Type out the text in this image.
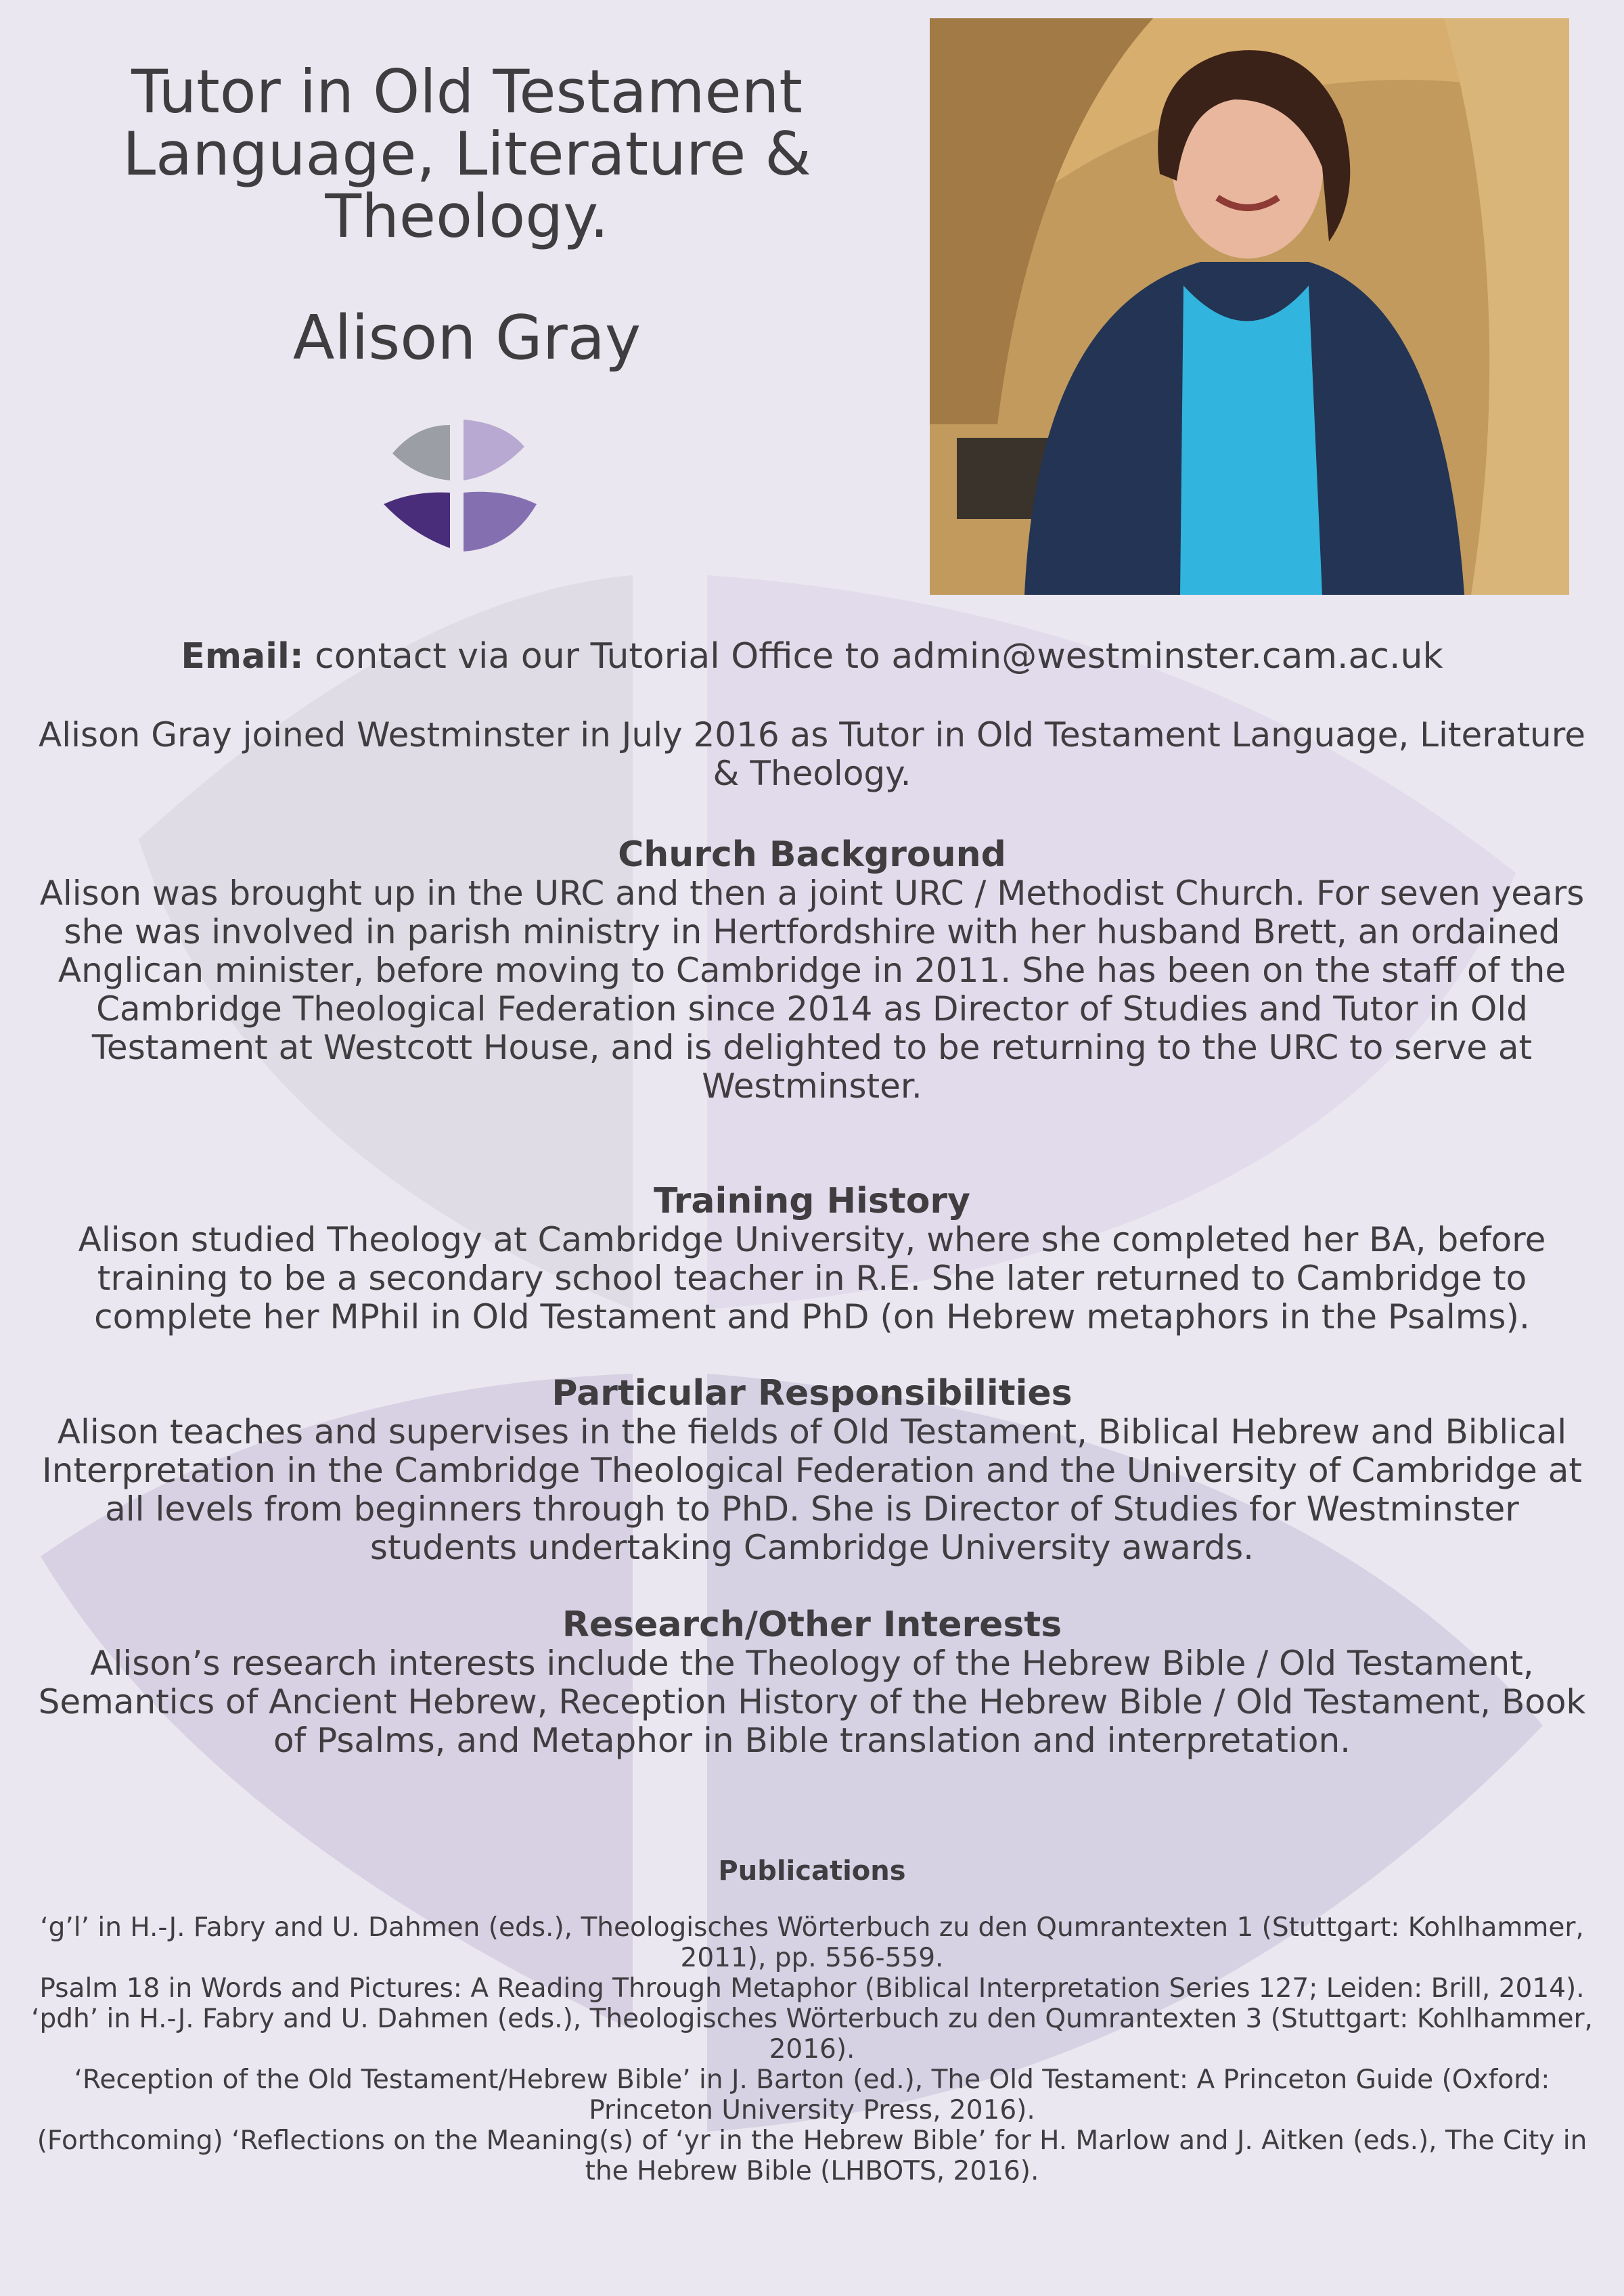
Tutor in Old Testament Language, Literature & Theology.
Alison Gray
Email: contact via our Tutorial Office to admin@westminster.cam.ac.uk

Alison Gray joined Westminster in July 2016 as Tutor in Old Testament Language, Literature & Theology.

Church Background

Alison was brought up in the URC and then a joint URC / Methodist Church. For seven years she was involved in parish ministry in Hertfordshire with her husband Brett, an ordained Anglican minister, before moving to Cambridge in 2011. She has been on the staff of the Cambridge Theological Federation since 2014 as Director of Studies and Tutor in Old Testament at Westcott House, and is delighted to be returning to the URC to serve at Westminster.

Training History

Alison studied Theology at Cambridge University, where she completed her BA, before training to be a secondary school teacher in R.E. She later returned to Cambridge to complete her MPhil in Old Testament and PhD (on Hebrew metaphors in the Psalms).

Particular Responsibilities

Alison teaches and supervises in the fields of Old Testament, Biblical Hebrew and Biblical Interpretation in the Cambridge Theological Federation and the University of Cambridge at all levels from beginners through to PhD. She is Director of Studies for Westminster students undertaking Cambridge University awards.

Research/Other Interests

Alison’s research interests include the Theology of the Hebrew Bible / Old Testament, Semantics of Ancient Hebrew, Reception History of the Hebrew Bible / Old Testament, Book of Psalms, and Metaphor in Bible translation and interpretation.

Publications
‘g’l’ in H.-J. Fabry and U. Dahmen (eds.), Theologisches Wörterbuch zu den Qumrantexten 1 (Stuttgart: Kohlhammer, 2011), pp. 556-559.
Psalm 18 in Words and Pictures: A Reading Through Metaphor (Biblical Interpretation Series 127; Leiden: Brill, 2014).
‘pdh’ in H.-J. Fabry and U. Dahmen (eds.), Theologisches Wörterbuch zu den Qumrantexten 3 (Stuttgart: Kohlhammer, 2016).
‘Reception of the Old Testament/Hebrew Bible’ in J. Barton (ed.), The Old Testament: A Princeton Guide (Oxford: Princeton University Press, 2016).
(Forthcoming) ‘Reflections on the Meaning(s) of ‘yr in the Hebrew Bible’ for H. Marlow and J. Aitken (eds.), The City in the Hebrew Bible (LHBOTS, 2016).
